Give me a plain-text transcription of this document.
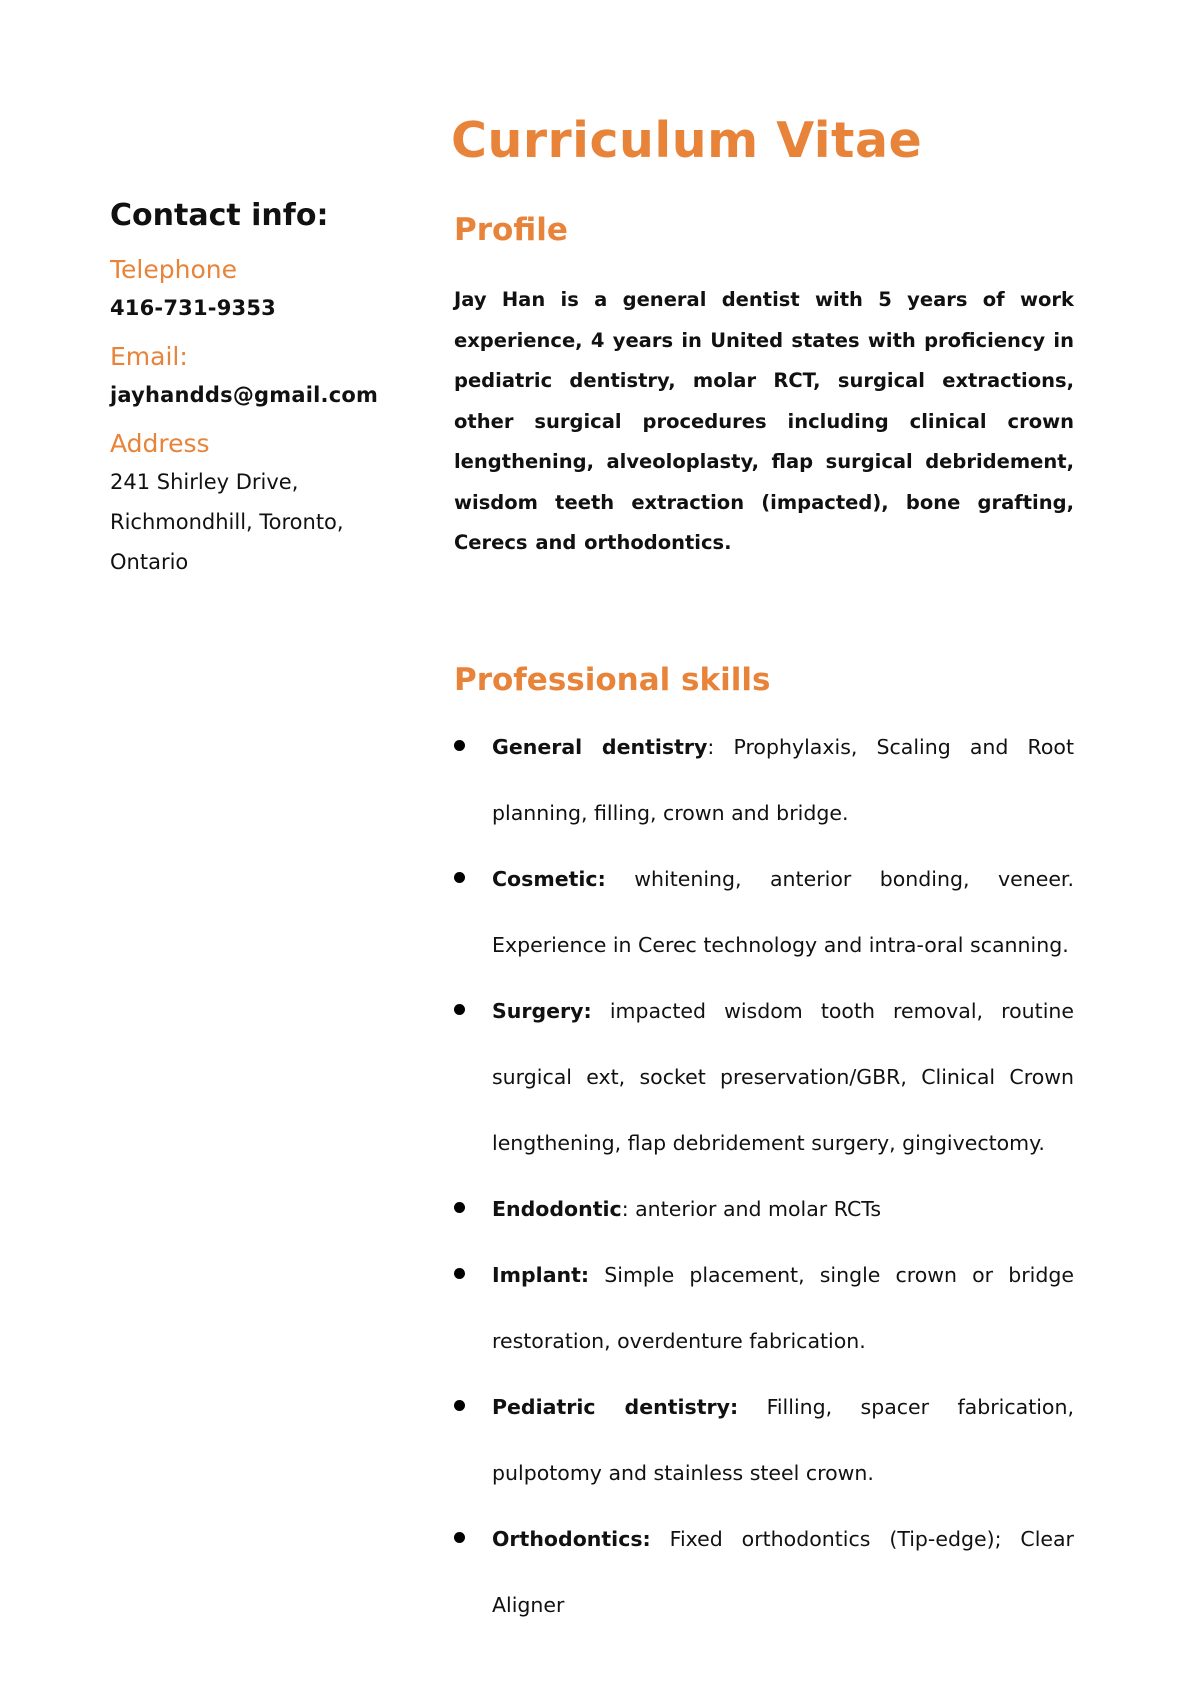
Curriculum Vitae
Contact info:
Telephone
416-731-9353
Email:
jayhandds@gmail.com
Address
241 Shirley Drive,
Richmondhill, Toronto,
Ontario
Profile

Jay Han is a general dentist with 5 years of work experience, 4 years in United states with proficiency in pediatric dentistry, molar RCT, surgical extractions, other surgical procedures including clinical crown lengthening, alveoloplasty, flap surgical debridement, wisdom teeth extraction (impacted), bone grafting, Cerecs and orthodontics.

Professional skills
General dentistry: Prophylaxis, Scaling and Root planning, filling, crown and bridge.
Cosmetic: whitening, anterior bonding, veneer. Experience in Cerec technology and intra-oral scanning.
Surgery: impacted wisdom tooth removal, routine surgical ext, socket preservation/GBR, Clinical Crown lengthening, flap debridement surgery, gingivectomy.
Endodontic: anterior and molar RCTs
Implant: Simple placement, single crown or bridge restoration, overdenture fabrication.
Pediatric dentistry: Filling, spacer fabrication, pulpotomy and stainless steel crown.
Orthodontics: Fixed orthodontics (Tip-edge); Clear Aligner
